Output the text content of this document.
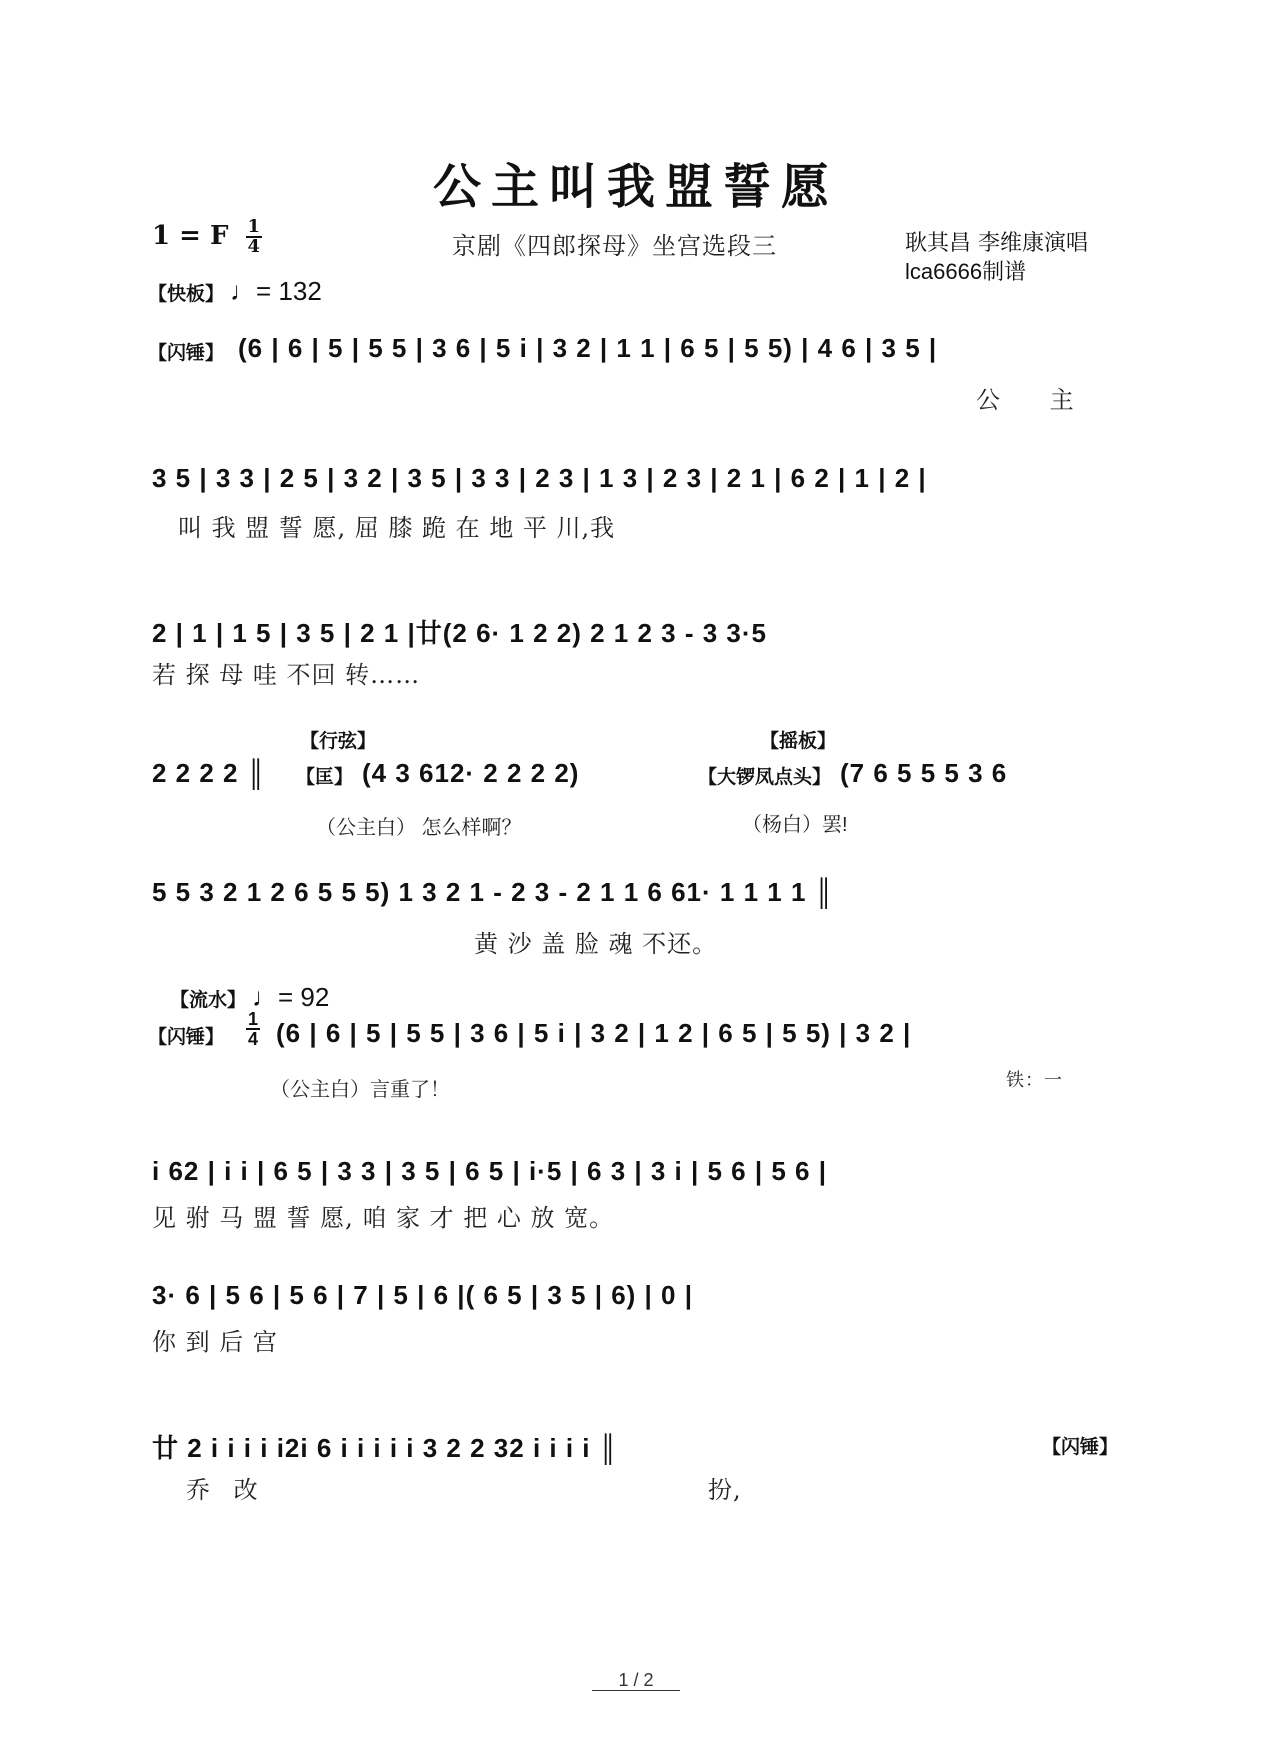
公主叫我盟誓愿
1 = F $\frac{1}{4}$	京剧《四郎探母》坐宫选段三	耿其昌 李维康演唱
lca6666制谱
【快板】 ♩= 132
【闪锤】 (6 | 6 | 5 | 5 5 | 3 6 | 5 i | 3 2 | 1 1 | 6 5 | 5 5) | 4 6 | 3 5 |
公 主
3 5 | 3 3 | 2 5 | 3 2 | 3 5 | 3 3 | 2 3 | 1 3 | 2 3 | 2 1 | 6 2 | 1 | 2 |
叫 我 盟 誓 愿, 屈 膝 跪 在 地 平 川,我
2 | 1 | 1 5 | 3 5 | 2 1 |廿(2 6· 1 2 2) 2 1 2 3 - 3 3·5
若 探 母 哇 不回 转……
【行弦】	【摇板】
2 2 2 2 ║ 【匡】 (4 3 612· 2 2 2 2)	【大锣凤点头】 (7 6 5 5 5 3 6
（公主白） 怎么样啊？	（杨白）罢!
5 5 3 2 1 2 6 5 5 5) 1 3 2 1 - 2 3 - 2 1 1 6 61· 1 1 1 1 ║
黄 沙 盖 脸 魂 不还。
【流水】 ♩= 92
【闪锤】 $\frac{1}{4} (6$ | 6 | 5 | 5 5 | 3 6 | 5 i | 3 2 | 1 2 | 6 5 | 5 5) | 3 2 |
（公主白）言重了！	铁：一
i 62 | i i | 6 5 | 3 3 | 3 5 | 6 5 | i·5 | 6 3 | 3 i | 5 6 | 5 6 |
见 驸 马 盟 誓 愿, 咱 家 才 把 心 放 宽。
3· 6 | 5 6 | 5 6 | 7 | 5 | 6 |( 6 5 | 3 5 | 6) | 0 |
你 到 后 宫
廿 2 i i i i i2i 6 i i i i i 3 2 2 32 i i i i ║	【闪锤】
乔 改	扮,
1 / 2
